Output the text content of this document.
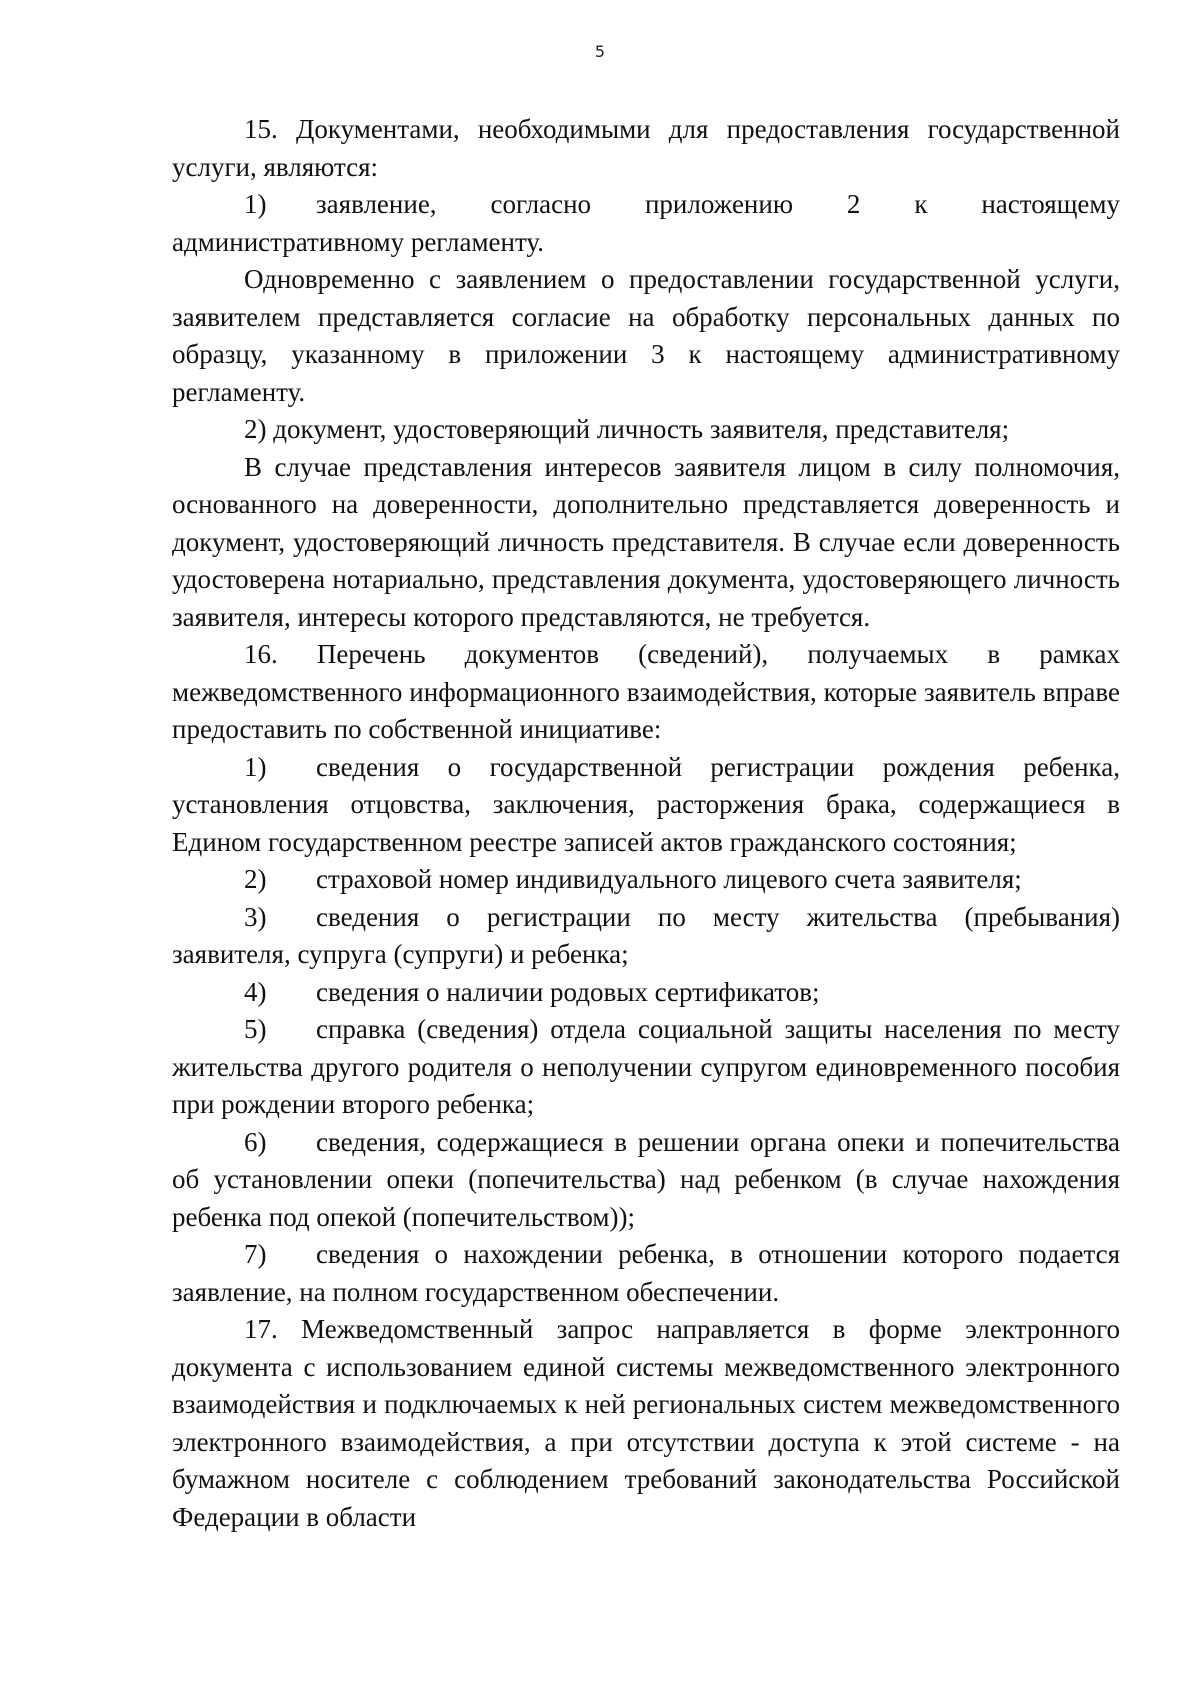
5

15. Документами, необходимыми для предоставления государственной услуги, являются:

1) заявление, согласно приложению 2 к настоящему административному регламенту.

Одновременно с заявлением о предоставлении государственной услуги, заявителем представляется согласие на обработку персональных данных по образцу, указанному в приложении 3 к настоящему административному регламенту.

2) документ, удостоверяющий личность заявителя, представителя;

В случае представления интересов заявителя лицом в силу полномочия, основанного на доверенности, дополнительно представляется доверенность и документ, удостоверяющий личность представителя. В случае если доверенность удостоверена нотариально, представления документа, удостоверяющего личность заявителя, интересы которого представляются, не требуется.

16. Перечень документов (сведений), получаемых в рамках межведомственного информационного взаимодействия, которые заявитель вправе предоставить по собственной инициативе:

1) сведения о государственной регистрации рождения ребенка, установления отцовства, заключения, расторжения брака, содержащиеся в Едином государственном реестре записей актов гражданского состояния;

2) страховой номер индивидуального лицевого счета заявителя;

3) сведения о регистрации по месту жительства (пребывания) заявителя, супруга (супруги) и ребенка;

4) сведения о наличии родовых сертификатов;

5) справка (сведения) отдела социальной защиты населения по месту жительства другого родителя о неполучении супругом единовременного пособия при рождении второго ребенка;

6) сведения, содержащиеся в решении органа опеки и попечительства об установлении опеки (попечительства) над ребенком (в случае нахождения ребенка под опекой (попечительством));

7) сведения о нахождении ребенка, в отношении которого подается заявление, на полном государственном обеспечении.

17. Межведомственный запрос направляется в форме электронного документа с использованием единой системы межведомственного электронного взаимодействия и подключаемых к ней региональных систем межведомственного электронного взаимодействия, а при отсутствии доступа к этой системе - на бумажном носителе с соблюдением требований законодательства Российской Федерации в области
